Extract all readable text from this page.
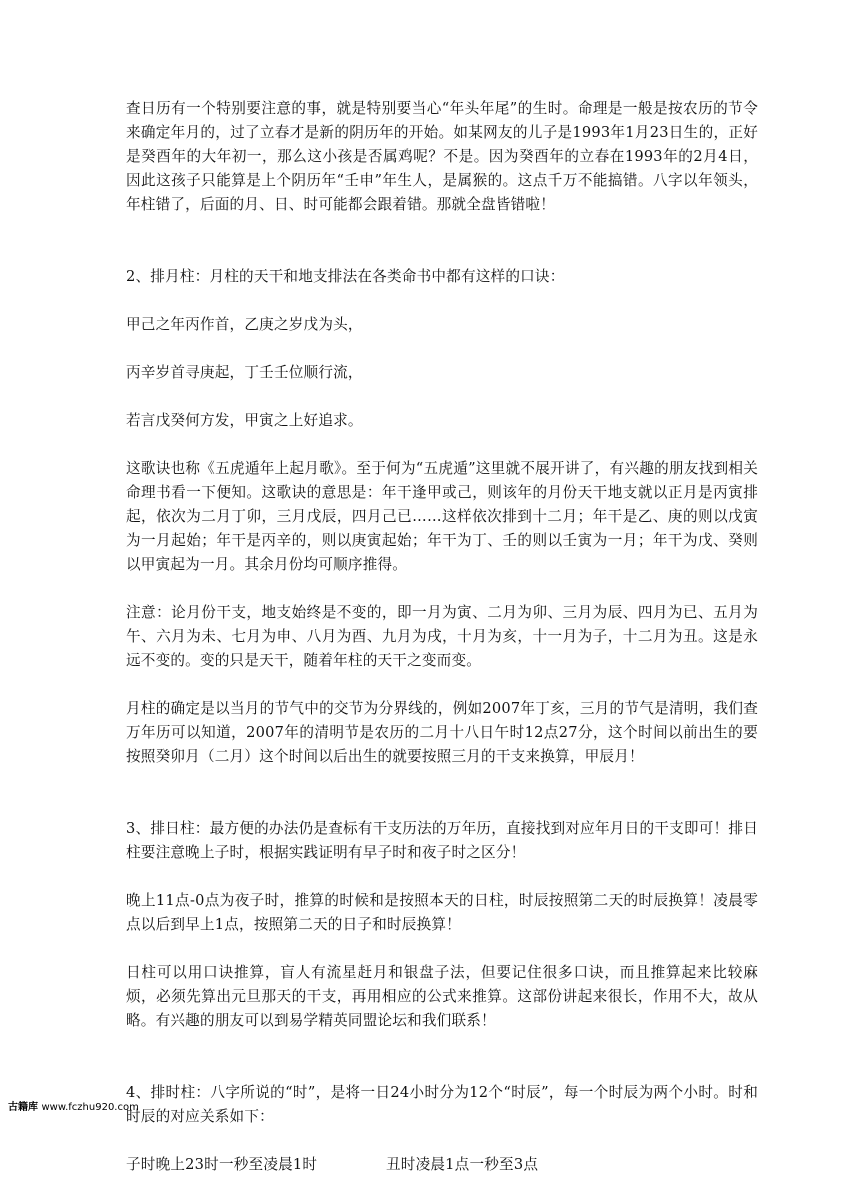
查日历有一个特别要注意的事，就是特别要当心“年头年尾”的生时。命理是一般是按农历的节令来确定年月的，过了立春才是新的阴历年的开始。如某网友的儿子是1993年1月23日生的，正好是癸酉年的大年初一，那么这小孩是否属鸡呢？不是。因为癸酉年的立春在1993年的2月4日，因此这孩子只能算是上个阴历年“壬申”年生人，是属猴的。这点千万不能搞错。八字以年领头，年柱错了，后面的月、日、时可能都会跟着错。那就全盘皆错啦！

2、排月柱：月柱的天干和地支排法在各类命书中都有这样的口诀：

甲己之年丙作首，乙庚之岁戊为头，

丙辛岁首寻庚起，丁壬壬位顺行流，

若言戊癸何方发，甲寅之上好追求。

这歌诀也称《五虎遁年上起月歌》。至于何为“五虎遁”这里就不展开讲了，有兴趣的朋友找到相关命理书看一下便知。这歌诀的意思是：年干逢甲或己，则该年的月份天干地支就以正月是丙寅排起，依次为二月丁卯，三月戊辰，四月己已……这样依次排到十二月；年干是乙、庚的则以戊寅为一月起始；年干是丙辛的，则以庚寅起始；年干为丁、壬的则以壬寅为一月；年干为戊、癸则以甲寅起为一月。其余月份均可顺序推得。

注意：论月份干支，地支始终是不变的，即一月为寅、二月为卯、三月为辰、四月为已、五月为午、六月为未、七月为申、八月为酉、九月为戌，十月为亥，十一月为子，十二月为丑。这是永远不变的。变的只是天干，随着年柱的天干之变而变。

月柱的确定是以当月的节气中的交节为分界线的，例如2007年丁亥，三月的节气是清明，我们查万年历可以知道，2007年的清明节是农历的二月十八日午时12点27分，这个时间以前出生的要按照癸卯月（二月）这个时间以后出生的就要按照三月的干支来换算，甲辰月！

3、排日柱：最方便的办法仍是查标有干支历法的万年历，直接找到对应年月日的干支即可！排日柱要注意晚上子时，根据实践证明有早子时和夜子时之区分！

晚上11点-0点为夜子时，推算的时候和是按照本天的日柱，时辰按照第二天的时辰换算！凌晨零点以后到早上1点，按照第二天的日子和时辰换算！

日柱可以用口诀推算，盲人有流星赶月和银盘子法，但要记住很多口诀，而且推算起来比较麻烦，必须先算出元旦那天的干支，再用相应的公式来推算。这部份讲起来很长，作用不大，故从略。有兴趣的朋友可以到易学精英同盟论坛和我们联系！

4、排时柱：八字所说的“时”，是将一日24小时分为12个“时辰”，每一个时辰为两个小时。时和时辰的对应关系如下：

子时晚上23时一秒至凌晨1时	丑时凌晨1点一秒至3点
古籍库 www.fczhu920.com
